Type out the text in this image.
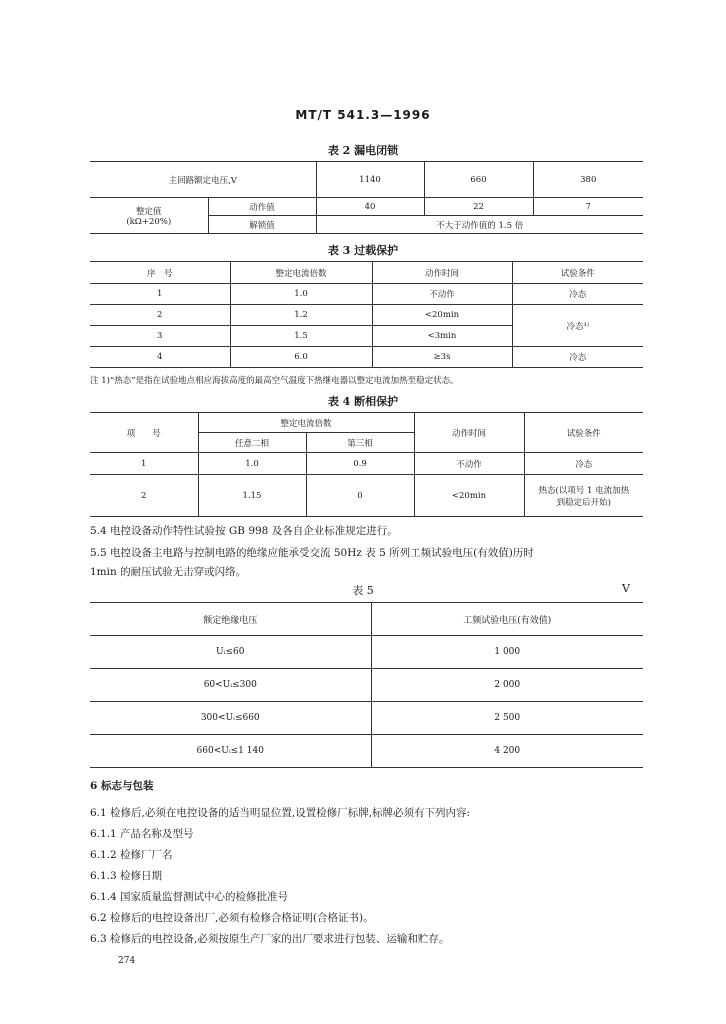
MT/T 541.3—1996
表 2 漏电闭锁
主回路额定电压,V		1140	660	380

整定值
(kΩ+20%)	动作值	40	22	7
	解锁值	不大于动作值的 1.5 倍		
表 3 过载保护
序　号	整定电流倍数	动作时间	试验条件
1	1.0	不动作	冷态
2	1.2	<20min	冷态¹⁾
3	1.5	<3min	
4	6.0	≥3s	冷态
注 1)“热态”是指在试验地点相应海拔高度的最高空气温度下热继电器以整定电流加热至稳定状态。
表 4 断相保护
项　　号	整定电流倍数		动作时间	试验条件
	任意二相	第三相		
1	1.0	0.9	不动作	冷态
2	1.15	0	<20min	热态(以项号 1 电流加热
到稳定后开始)
5.4 电控设备动作特性试验按 GB 998 及各自企业标准规定进行。
5.5 电控设备主电路与控制电路的绝缘应能承受交流 50Hz 表 5 所列工频试验电压(有效值)历时
1min 的耐压试验无击穿或闪络。
表 5	V
额定绝缘电压	工频试验电压(有效值)
Uᵢ≤60	1 000
60<Uᵢ≤300	2 000
300<Uᵢ≤660	2 500
660<Uᵢ≤1 140	4 200
6 标志与包装
6.1 检修后,必须在电控设备的适当明显位置,设置检修厂标牌,标牌必须有下列内容:
6.1.1 产品名称及型号
6.1.2 检修厂厂名
6.1.3 检修日期
6.1.4 国家质量监督测试中心的检修批准号
6.2 检修后的电控设备出厂,必须有检修合格证明(合格证书)。
6.3 检修后的电控设备,必须按原生产厂家的出厂要求进行包装、运输和贮存。
274
